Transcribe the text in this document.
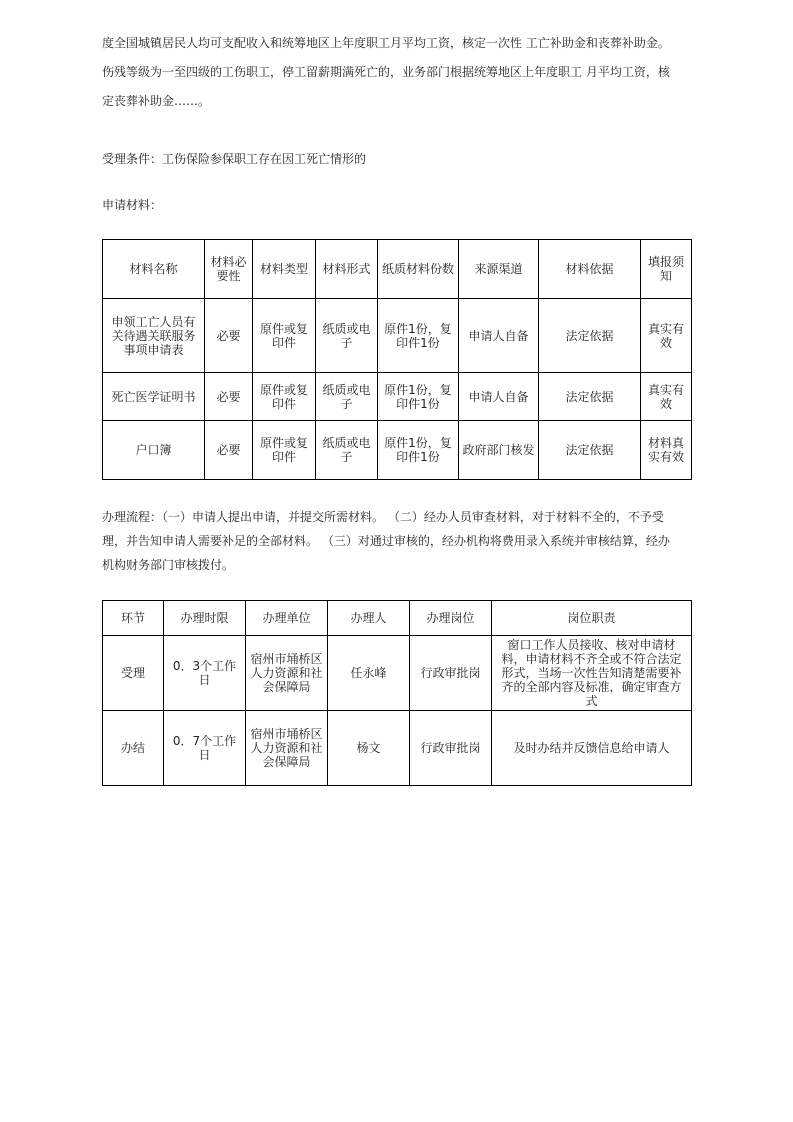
度全国城镇居民人均可支配收入和统筹地区上年度职工月平均工资，核定一次性 工亡补助金和丧葬补助金。

伤残等级为一至四级的工伤职工，停工留薪期满死亡的，业务部门根据统筹地区上年度职工 月平均工资，核

定丧葬补助金……。

受理条件：工伤保险参保职工存在因工死亡情形的

申请材料：

材料名称	材料必要性	材料类型	材料形式	纸质材料份数	来源渠道	材料依据	填报须知
申领工亡人员有关待遇关联服务事项申请表	必要	原件或复印件	纸质或电子	原件1份，复印件1份	申请人自备	法定依据	真实有效
死亡医学证明书	必要	原件或复印件	纸质或电子	原件1份，复印件1份	申请人自备	法定依据	真实有效
户口簿	必要	原件或复印件	纸质或电子	原件1份，复印件1份	政府部门核发	法定依据	材料真实有效

办理流程：（一）申请人提出申请，并提交所需材料。 （二）经办人员审查材料，对于材料不全的，不予受

理，并告知申请人需要补足的全部材料。 （三）对通过审核的，经办机构将费用录入系统并审核结算，经办

机构财务部门审核拨付。

环节	办理时限	办理单位	办理人	办理岗位	岗位职责
受理	0．3个工作日	宿州市埇桥区人力资源和社会保障局	任永峰	行政审批岗	窗口工作人员接收、核对申请材料，申请材料不齐全或不符合法定形式，当场一次性告知清楚需要补齐的全部内容及标准，确定审查方式
办结	0．7个工作日	宿州市埇桥区人力资源和社会保障局	杨文	行政审批岗	及时办结并反馈信息给申请人
